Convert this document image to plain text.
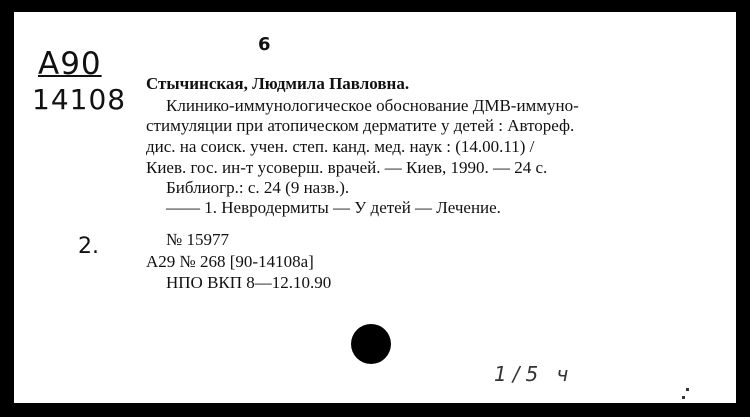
6
А90
14108
2.
Стычинская, Людмила Павловна.
Клинико-иммунологическое обоснование ДМВ-иммуно-
стимуляции при атопическом дерматите у детей : Автореф.
дис. на соиск. учен. степ. канд. мед. наук : (14.00.11) /
Киев. гос. ин-т усоверш. врачей. — Киев, 1990. — 24 с.
Библиогр.: с. 24 (9 назв.).
—— 1. Невродермиты — У детей — Лечение.
№ 15977
А29 № 268 [90-14108а]
НПО ВКП 8—12.10.90
1/5 ч
